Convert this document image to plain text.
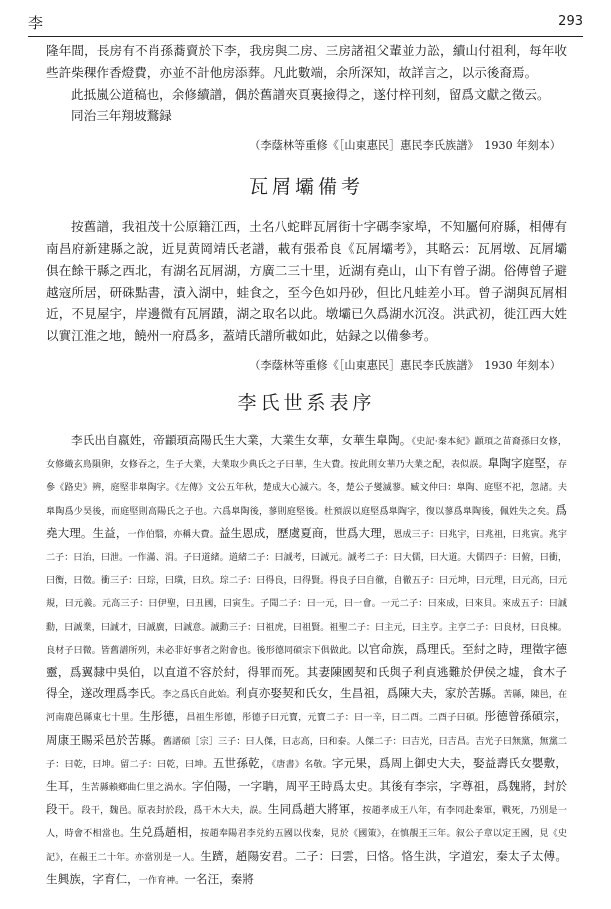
李	293

隆年間，長房有不肖孫蕎賣於下李，我房與二房、三房諸祖父輩並力訟，續山付祖利，每年收些許柴稞作香燈費，亦並不計他房添葬。凡此數端，余所深知，故詳言之，以示後裔焉。

此抵嵐公道稿也，余修續譜，偶於舊譜夾頁裏撿得之，遂付梓刊刻，留爲文獻之徵云。

同治三年翔坡鶩録

（李蔭林等重修《［山東惠民］惠民李氏族譜》　1930 年刻本）

瓦屑壩備考

按舊譜，我祖茂十公原籍江西，土名八蛇畔瓦屑街十字碼李家埠，不知屬何府縣，相傳有南昌府新建縣之說，近見黄岡靖氏老譜，載有張希良《瓦屑壩考》，其略云：瓦屑墩、瓦屑壩俱在餘干縣之西北，有湖名瓦屑湖，方廣二三十里，近湖有堯山，山下有曾子湖。俗傳曾子避越寇所居，研硃點書，漬入湖中，蛙食之，至今色如丹砂，但比凡蛙差小耳。曾子湖與瓦屑相近，不見屋宇，岸邊微有瓦屑蹟，湖之取名以此。墩壩已久爲湖水沉沒。洪武初，徙江西大姓以實江淮之地，饒州一府爲多，蓋靖氏譜所載如此，姑録之以備參考。

（李蔭林等重修《［山東惠民］惠民李氏族譜》　1930 年刻本）

李氏世系表序

李氏出自嬴姓，帝顓頊高陽氏生大業，大業生女華，女華生臯陶。《史記·秦本紀》顓頊之苗裔孫曰女修，女修織玄鳥隕卵，女修吞之，生子大業，大業取少典氏之子曰華，生大費。按此則女華乃大業之配，表似誤。臯陶字庭堅，存參《路史》辨，庭堅非臯陶字。《左傳》文公五年秋，楚成大心滅六。冬，楚公子燮滅蓼。臧文仲曰：臯陶、庭堅不祀，忽諸。夫臯陶爲少昊後，而庭堅則高陽氏之子也。六爲臯陶後，蓼則庭堅後。杜預誤以庭堅爲臯陶字，復以蓼爲臯陶後，佩姓失之矣。爲堯大理。生益，一作伯翳，亦稱大費。益生恩成，歷虞夏商，世爲大理，恩成三子：曰兆宇，曰兆祖，曰兆寅。兆宇二子：曰治，曰泄。一作滿、涓。子曰道緒。道緒二子：曰誠考，曰誠元。誠考二子：曰大儒，曰大道。大儒四子：曰俯，曰衝，曰衡，曰徵。衝三子：曰琮，曰璜，曰玖。琮二子：曰得良，曰得賢。得良子曰自徹，自徹五子：曰元坤，曰元理，曰元高，曰元規，曰元義。元高三子：曰伊聖，曰丑國，曰寅生。子聞二子：曰一元，曰一會。一元二子：曰來成，曰來貝。來成五子：曰誠勳，曰誠業，曰誠才，曰誠廣，曰誠意。誠勳三子：曰祖虎，曰祖賢。祖聖二子：曰主元，曰主亨。主亨二子：曰良材，曰良棟。良材子曰微。皆舊譜所列，未必非好事者之附會也。後形德同碩宗下俱做此。以官命族，爲理氏。至紂之時，理徵字德靈，爲翼隸中吳伯，以直道不容於紂，得罪而死。其妻陳國契和氏與子利貞逃難於伊侯之墟，食木子得全，遂改理爲李氏。李之爲氏自此始。利貞亦娶契和氏女，生昌祖，爲陳大夫，家於苦縣。苦縣，陳邑，在河南鹿邑縣東七十里。生彤德，昌祖生彤德，彤德子曰元寶，元寶二子：曰一辛，曰二酉。二酉子曰碩。彤德曾孫碩宗，周康王賜采邑於苦縣。舊譜碩［宗］三子：曰人傑，曰志高，曰和泰。人傑二子：曰吉光，曰吉昌。吉光子曰無黨，無黨二子：曰乾，曰坤。留二子：曰乾，曰坤。五世孫乾，《唐書》名敬。字元果，爲周上御史大夫，娶益壽氏女嬰敷，生耳，生苦縣賴鄉曲仁里之渦水。字伯陽，一字聃，周平王時爲太史。其後有李宗，字尊祖，爲魏將，封於段干。段干，魏邑。原表封於段，爲干木大夫，誤。生同爲趙大將軍，按趙孝成王八年，有李同赴秦軍，戰死，乃別是一人，時會不相當也。生兑爲趙相，按趙奉陽君李兑約五國以伐秦，見於《國策》，在慎靚王三年。叙公子章以定王國，見《史記》，在赧王二十年。亦當別是一人。生躋，趙陽安君。二子：曰雲，曰恪。恪生洪，字道宏，秦太子太傅。生興族，字育仁，一作育神。一名汪，秦將
